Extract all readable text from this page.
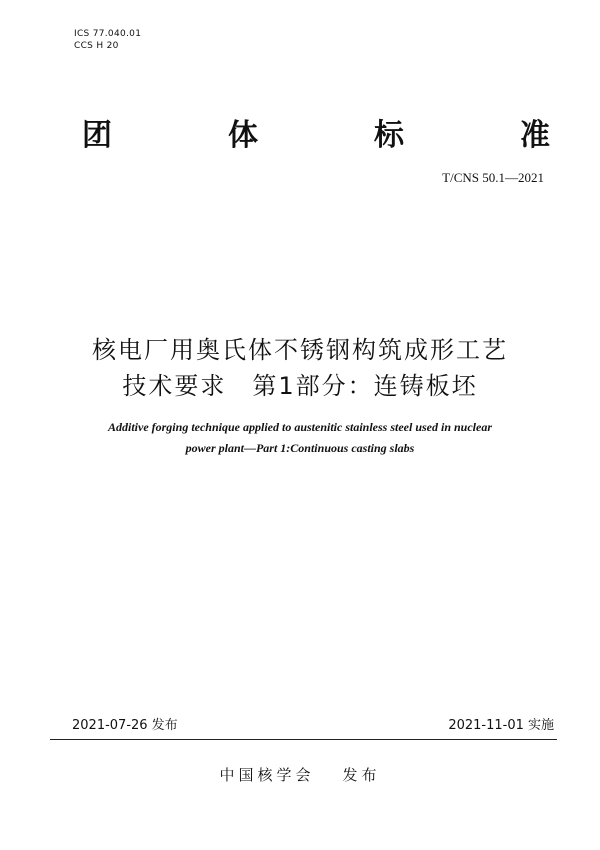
ICS 77.040.01
CCS H 20
团	体	标	准
T/CNS 50.1—2021
核电厂用奥氏体不锈钢构筑成形工艺
技术要求　第1部分：连铸板坯
Additive forging technique applied to austenitic stainless steel used in nuclear
power plant—Part 1:Continuous casting slabs
2021-07-26 发布	2021-11-01 实施
中国核学会 发布
